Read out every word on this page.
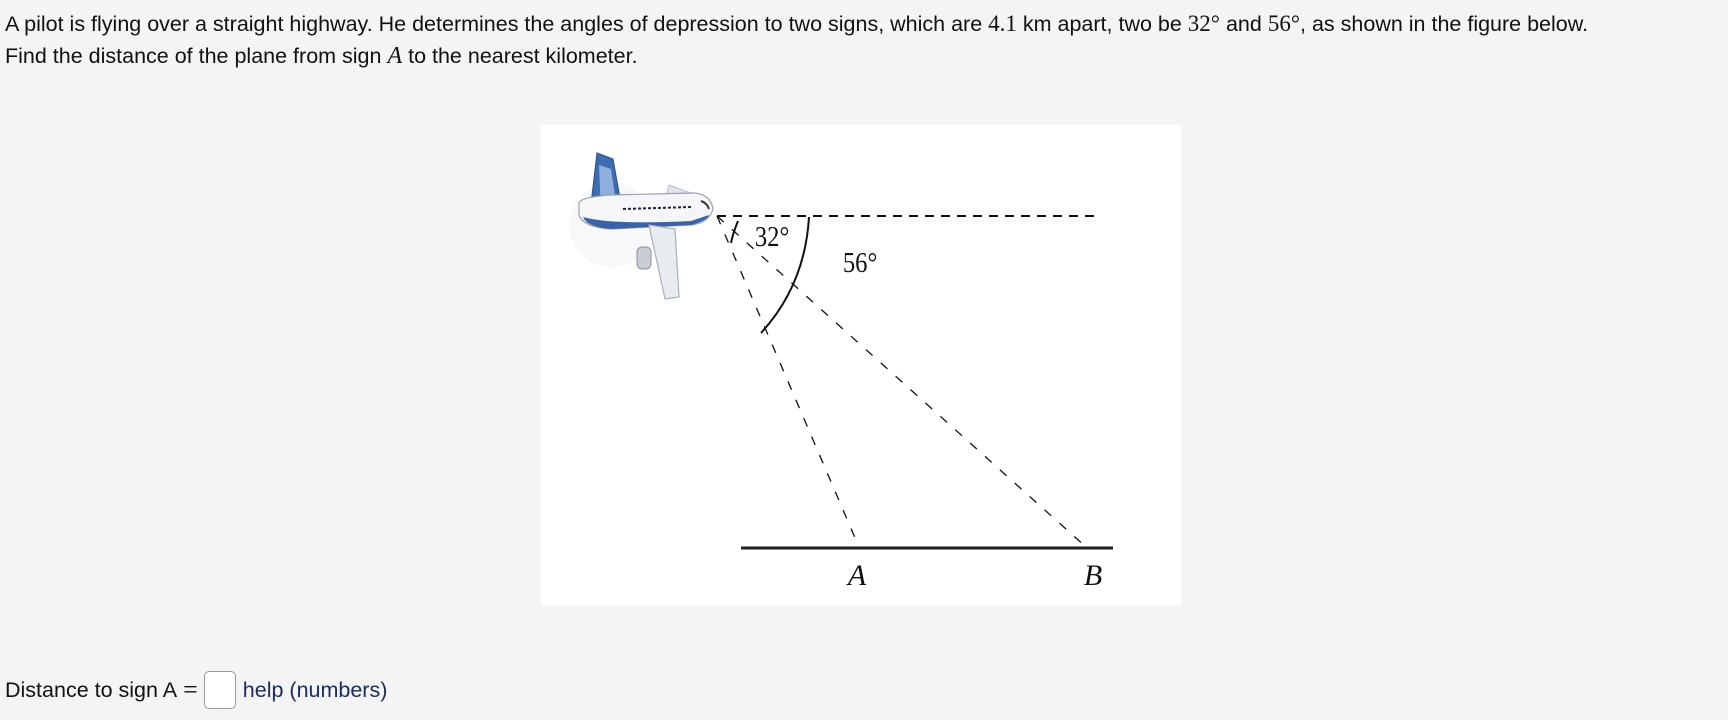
A pilot is flying over a straight highway. He determines the angles of depression to two signs, which are 4.1 km apart, two be 32° and 56°, as shown in the figure below.
Find the distance of the plane from sign A to the nearest kilometer.
32°
56°
A	B
Distance to sign A = help (numbers)
